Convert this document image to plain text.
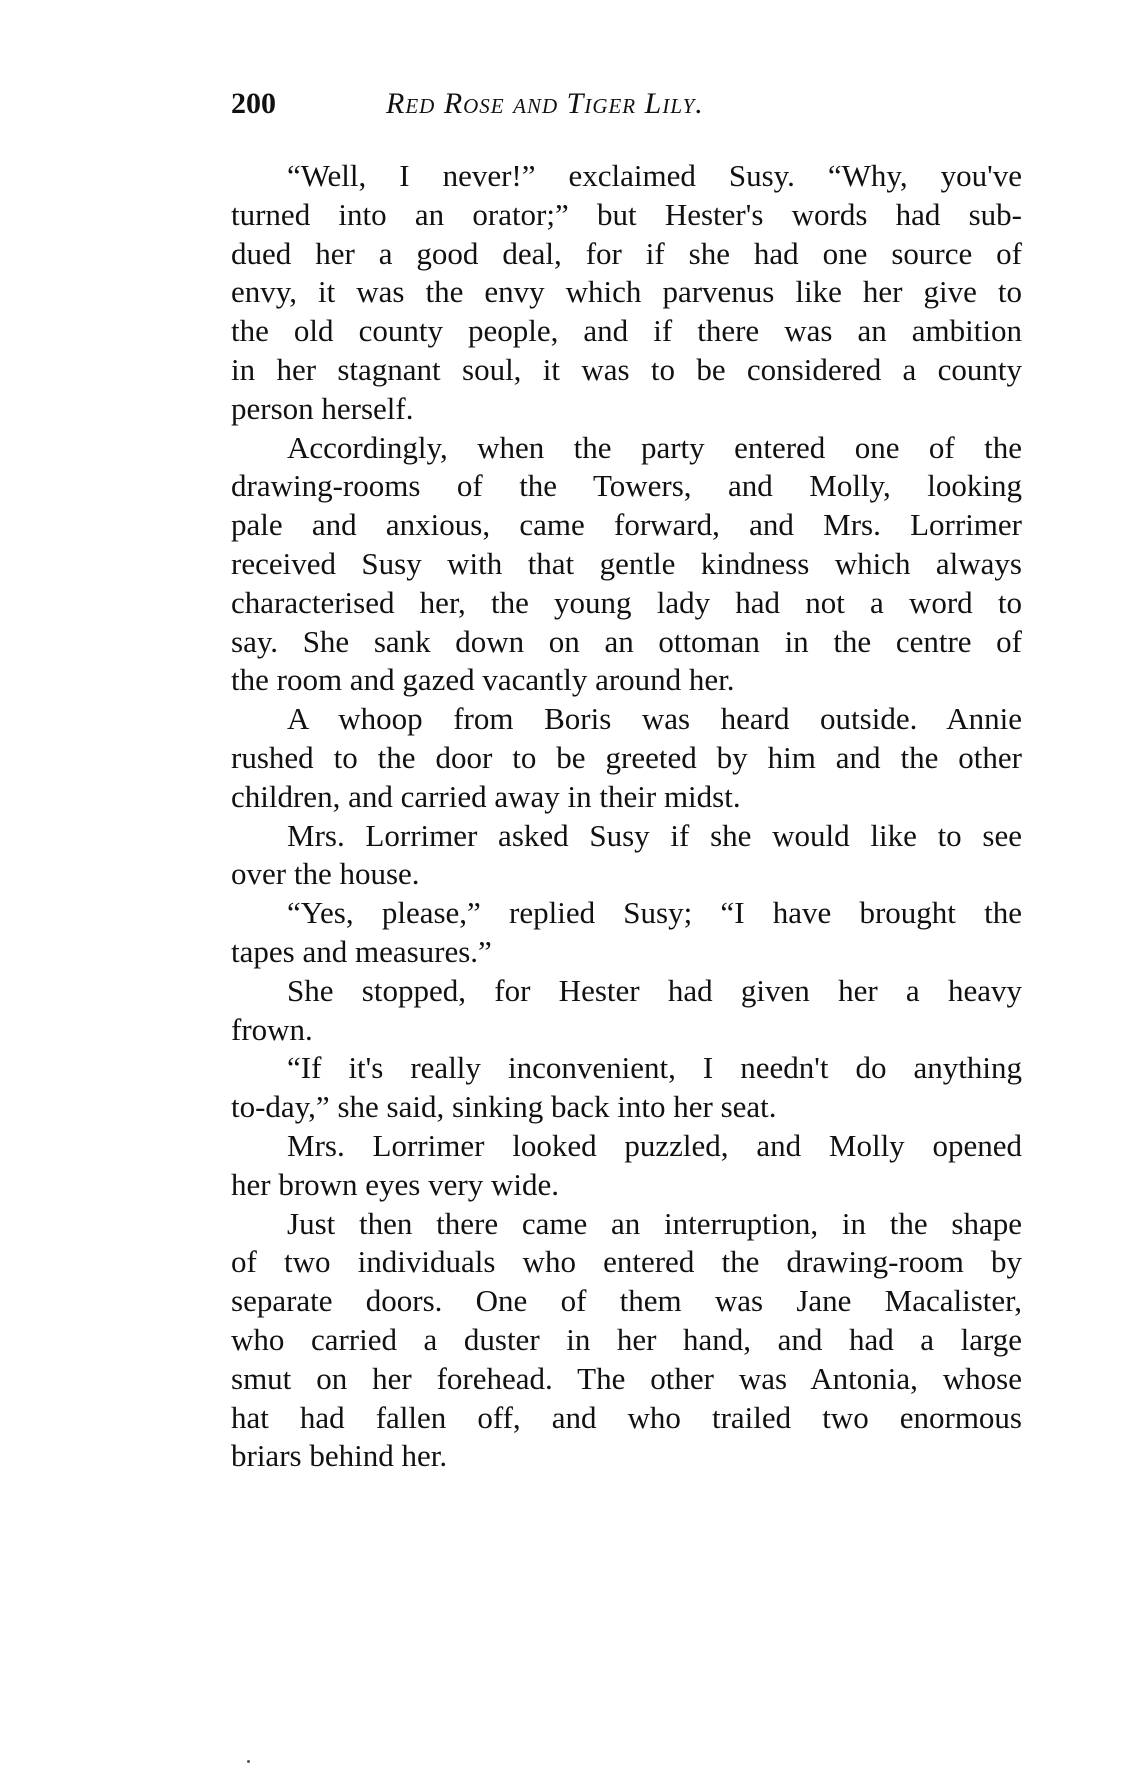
200	Red Rose and Tiger Lily.
“Well, I never!” exclaimed Susy. “Why, you've
turned into an orator;” but Hester's words had sub-
dued her a good deal, for if she had one source of
envy, it was the envy which parvenus like her give to
the old county people, and if there was an ambition
in her stagnant soul, it was to be considered a county
person herself.
Accordingly, when the party entered one of the
drawing-rooms of the Towers, and Molly, looking
pale and anxious, came forward, and Mrs. Lorrimer
received Susy with that gentle kindness which always
characterised her, the young lady had not a word to
say. She sank down on an ottoman in the centre of
the room and gazed vacantly around her.
A whoop from Boris was heard outside. Annie
rushed to the door to be greeted by him and the other
children, and carried away in their midst.
Mrs. Lorrimer asked Susy if she would like to see
over the house.
“Yes, please,” replied Susy; “I have brought the
tapes and measures.”
She stopped, for Hester had given her a heavy
frown.
“If it's really inconvenient, I needn't do anything
to-day,” she said, sinking back into her seat.
Mrs. Lorrimer looked puzzled, and Molly opened
her brown eyes very wide.
Just then there came an interruption, in the shape
of two individuals who entered the drawing-room by
separate doors. One of them was Jane Macalister,
who carried a duster in her hand, and had a large
smut on her forehead. The other was Antonia, whose
hat had fallen off, and who trailed two enormous
briars behind her.
